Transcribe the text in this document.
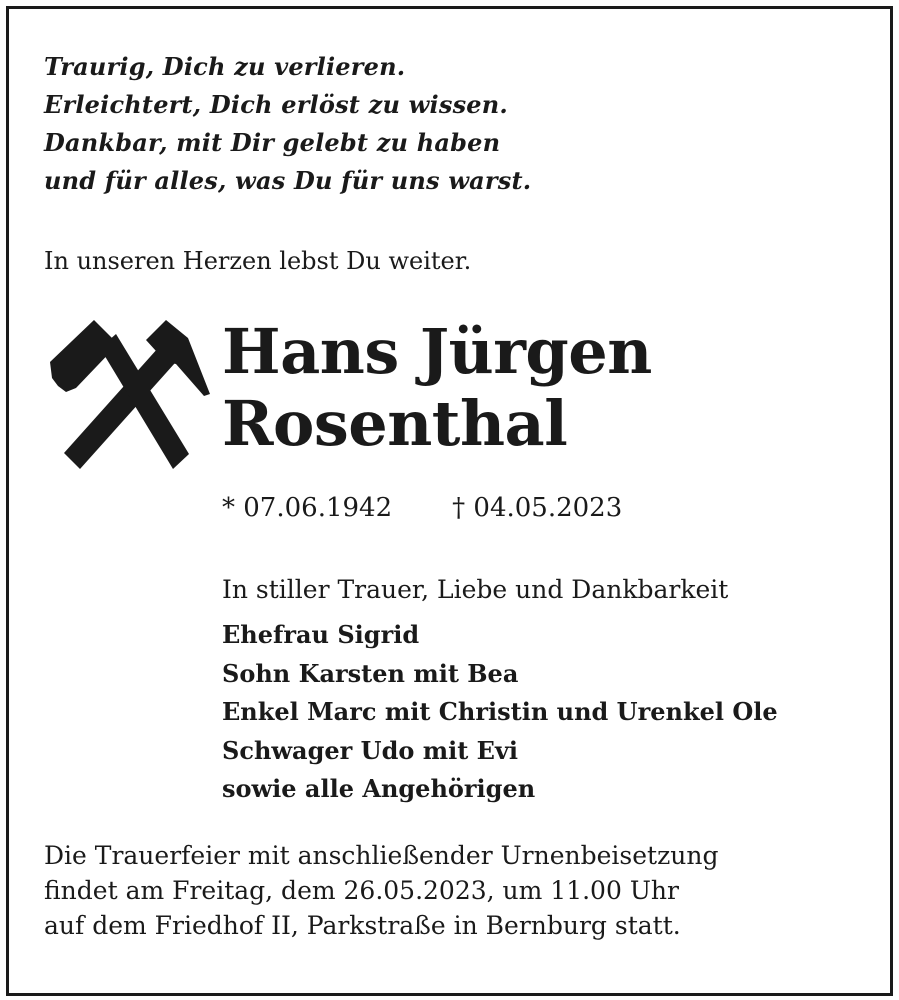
Traurig, Dich zu verlieren.
Erleichtert, Dich erlöst zu wissen.
Dankbar, mit Dir gelebt zu haben
und für alles, was Du für uns warst.
In unseren Herzen lebst Du weiter.
Hans Jürgen
Rosenthal
* 07.06.1942 † 04.05.2023
In stiller Trauer, Liebe und Dankbarkeit
Ehefrau Sigrid
Sohn Karsten mit Bea
Enkel Marc mit Christin und Urenkel Ole
Schwager Udo mit Evi
sowie alle Angehörigen
Die Trauerfeier mit anschließender Urnenbeisetzung
findet am Freitag, dem 26.05.2023, um 11.00 Uhr
auf dem Friedhof II, Parkstraße in Bernburg statt.
